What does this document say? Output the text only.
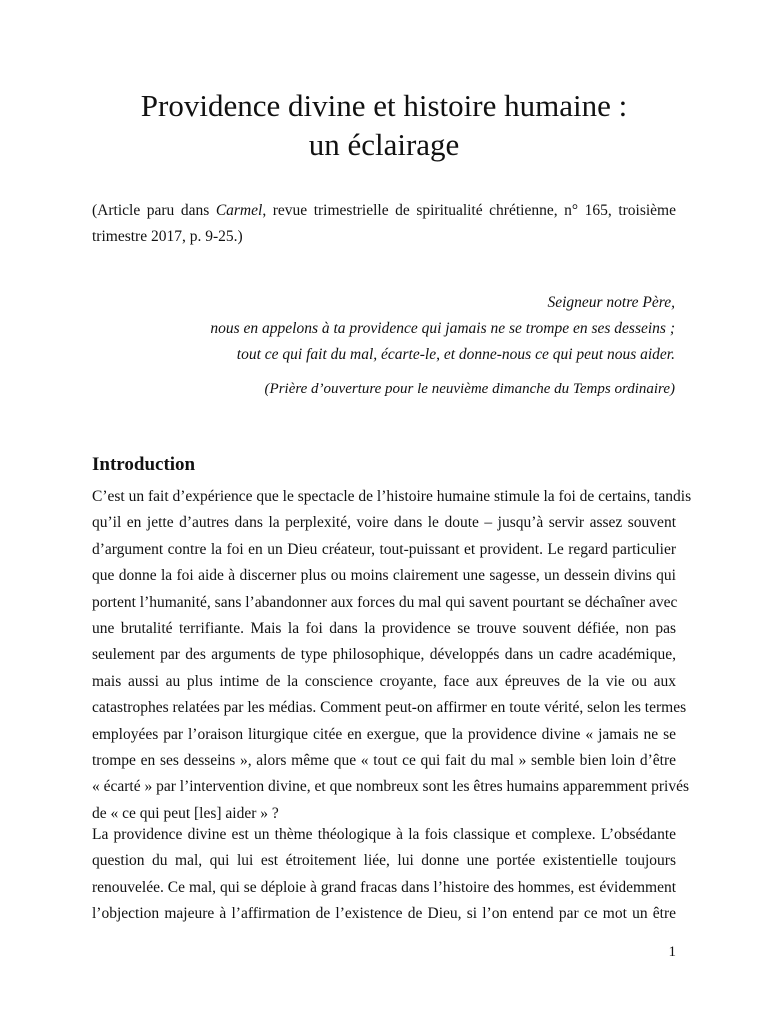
Providence divine et histoire humaine :
un éclairage

(Article paru dans Carmel, revue trimestrielle de spiritualité chrétienne, n° 165, troisième trimestre 2017, p. 9-25.)

Seigneur notre Père,
nous en appelons à ta providence qui jamais ne se trompe en ses desseins ;
tout ce qui fait du mal, écarte-le, et donne-nous ce qui peut nous aider.

(Prière d’ouverture pour le neuvième dimanche du Temps ordinaire)

Introduction

C’est un fait d’expérience que le spectacle de l’histoire humaine stimule la foi de certains, tandis
qu’il en jette d’autres dans la perplexité, voire dans le doute – jusqu’à servir assez souvent
d’argument contre la foi en un Dieu créateur, tout-puissant et provident. Le regard particulier
que donne la foi aide à discerner plus ou moins clairement une sagesse, un dessein divins qui
portent l’humanité, sans l’abandonner aux forces du mal qui savent pourtant se déchaîner avec
une brutalité terrifiante. Mais la foi dans la providence se trouve souvent défiée, non pas
seulement par des arguments de type philosophique, développés dans un cadre académique,
mais aussi au plus intime de la conscience croyante, face aux épreuves de la vie ou aux
catastrophes relatées par les médias. Comment peut-on affirmer en toute vérité, selon les termes
employées par l’oraison liturgique citée en exergue, que la providence divine « jamais ne se
trompe en ses desseins », alors même que « tout ce qui fait du mal » semble bien loin d’être
« écarté » par l’intervention divine, et que nombreux sont les êtres humains apparemment privés
de « ce qui peut [les] aider » ?

La providence divine est un thème théologique à la fois classique et complexe. L’obsédante
question du mal, qui lui est étroitement liée, lui donne une portée existentielle toujours
renouvelée. Ce mal, qui se déploie à grand fracas dans l’histoire des hommes, est évidemment
l’objection majeure à l’affirmation de l’existence de Dieu, si l’on entend par ce mot un être

1
